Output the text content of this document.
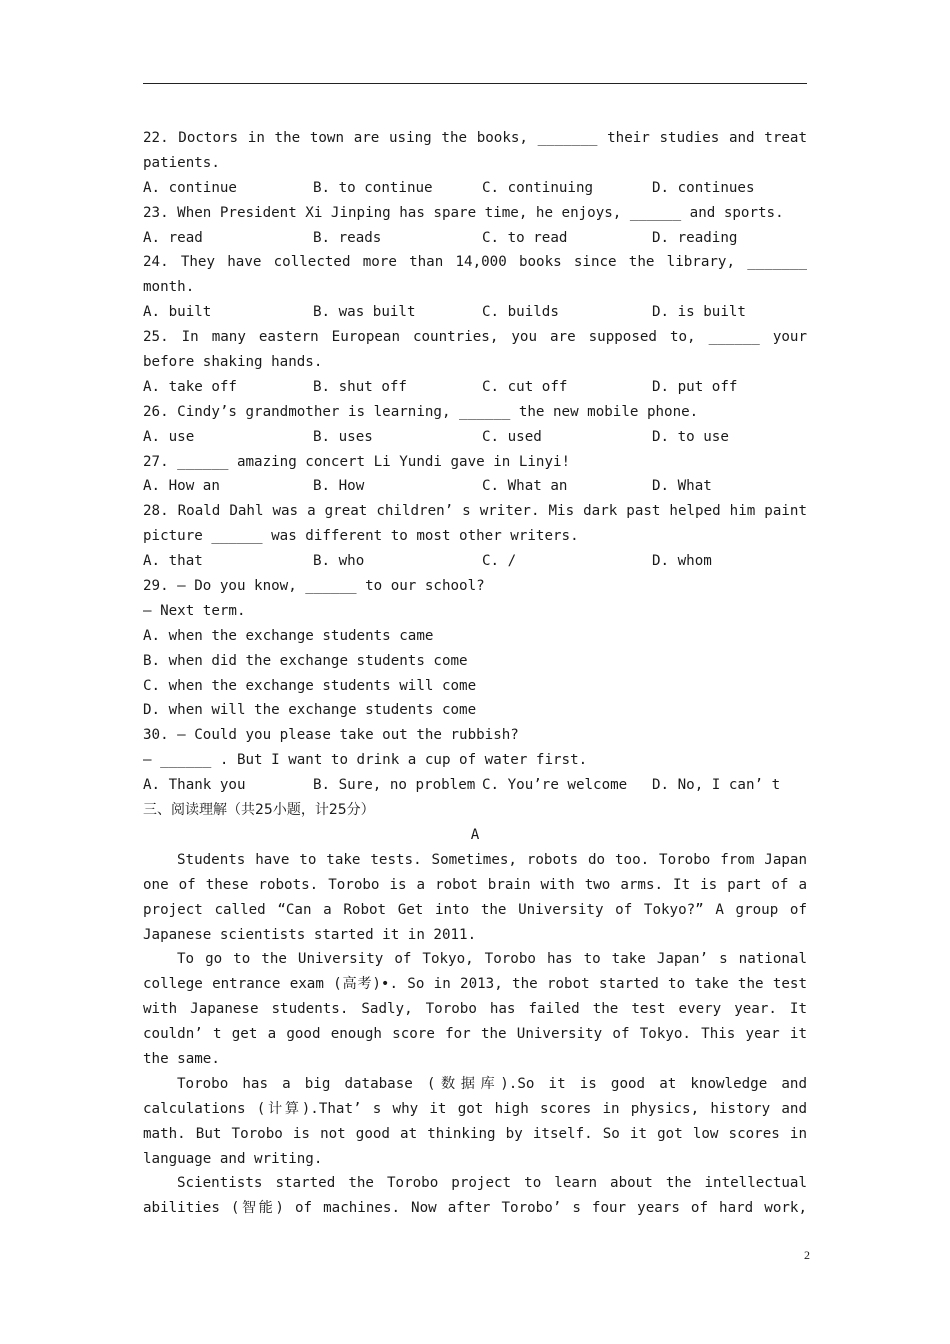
22. Doctors in the town are using the books, _______ their studies and treat
patients.
A. continue	B. to continue	C. continuing	D. continues
23. When President Xi Jinping has spare time, he enjoys, ______ and sports.
A. read	B. reads	C. to read	D. reading
24. They have collected more than 14,000 books since the library, _______
month.
A. built	B. was built	C. builds	D. is built
25. In many eastern European countries, you are supposed to, ______ your
before shaking hands.
A. take off	B. shut off	C. cut off	D. put off
26. Cindy’s grandmother is learning, ______ the new mobile phone.
A. use	B. uses	C. used	D. to use
27. ______ amazing concert Li Yundi gave in Linyi!
A. How an	B. How	C. What an	D. What
28. Roald Dahl was a great children’ s writer. Mis dark past helped him paint
picture ______ was different to most other writers.
A. that	B. who	C. /	D. whom
29. — Do you know, ______ to our school?
— Next term.
A. when the exchange students came
B. when did the exchange students come
C. when the exchange students will come
D. when will the exchange students come
30. — Could you please take out the rubbish?
— ______ . But I want to drink a cup of water first.
A. Thank you	B. Sure, no problem C. You’re welcome D. No, I can’ t
三、阅读理解（共25小题，计25分）
A
Students have to take tests. Sometimes, robots do too. Torobo from Japan
one of these robots. Torobo is a robot brain with two arms. It is part of a
project called “Can a Robot Get into the University of Tokyo?” A group of
Japanese scientists started it in 2011.
To go to the University of Tokyo, Torobo has to take Japan’ s national
college entrance exam (高考)•. So in 2013, the robot started to take the test
with Japanese students. Sadly, Torobo has failed the test every year. It
couldn’ t get a good enough score for the University of Tokyo. This year it
the same.
Torobo has a big database (数据库).So it is good at knowledge and
calculations (计算).That’ s why it got high scores in physics, history and
math. But Torobo is not good at thinking by itself. So it got low scores in
language and writing.
Scientists started the Torobo project to learn about the intellectual
abilities (智能) of machines. Now after Torobo’ s four years of hard work,
2
